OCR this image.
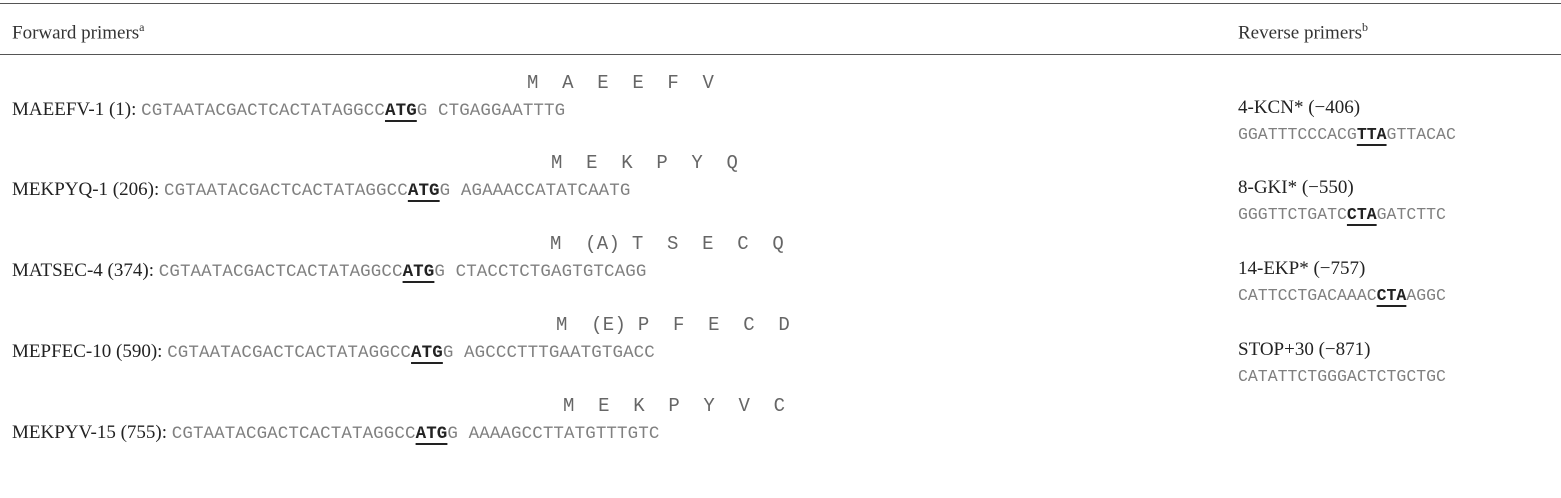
Forward primers$^a$	Reverse primers$^b$
M  A  E  E  F  V
MAEEFV-1 (1): CGTAATACGACTCACTATAGGCCATGG CTGAGGAATTTG
M  E  K  P  Y  Q
MEKPYQ-1 (206): CGTAATACGACTCACTATAGGCCATGG AGAAACCATATCAATG
M  (A) T  S  E  C  Q
MATSEC-4 (374): CGTAATACGACTCACTATAGGCCATGG CTACCTCTGAGTGTCAGG
M  (E) P  F  E  C  D
MEPFEC-10 (590): CGTAATACGACTCACTATAGGCCATGG AGCCCTTTGAATGTGACC
M  E  K  P  Y  V  C
MEKPYV-15 (755): CGTAATACGACTCACTATAGGCCATGG AAAAGCCTTATGTTTGTC
4-KCN* (−406)
GGATTTCCCACGTTAGTTACAC
8-GKI* (−550)
GGGTTCTGATCCTAGATCTTC
14-EKP* (−757)
CATTCCTGACAAACCTAAGGC
STOP+30 (−871)
CATATTCTGGGACTCTGCTGC
